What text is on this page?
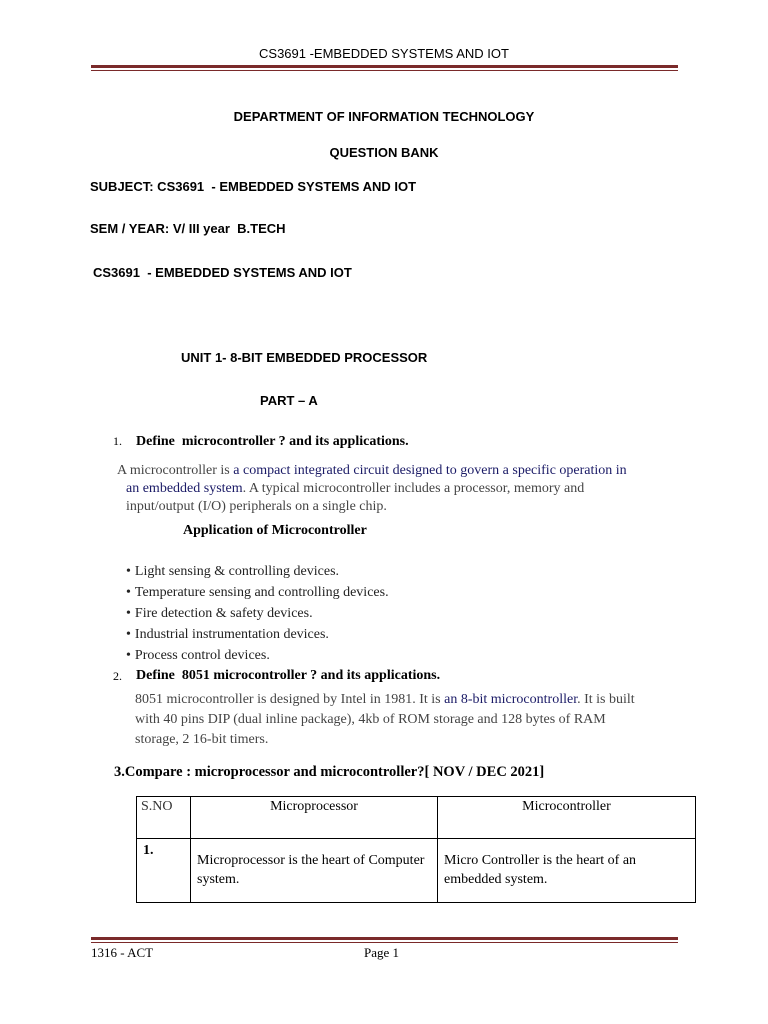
CS3691 -EMBEDDED SYSTEMS AND IOT
DEPARTMENT OF INFORMATION TECHNOLOGY
QUESTION BANK
SUBJECT: CS3691  - EMBEDDED SYSTEMS AND IOT
SEM / YEAR: V/ III year  B.TECH
CS3691  - EMBEDDED SYSTEMS AND IOT
UNIT 1- 8-BIT EMBEDDED PROCESSOR
PART – A
1. Define  microcontroller ? and its applications.
A microcontroller is a compact integrated circuit designed to govern a specific operation in
an embedded system. A typical microcontroller includes a processor, memory and
input/output (I/O) peripherals on a single chip.
Application of Microcontroller
• Light sensing & controlling devices.
• Temperature sensing and controlling devices.
• Fire detection & safety devices.
• Industrial instrumentation devices.
• Process control devices.
2. Define  8051 microcontroller ? and its applications.
8051 microcontroller is designed by Intel in 1981. It is an 8-bit microcontroller. It is built
with 40 pins DIP (dual inline package), 4kb of ROM storage and 128 bytes of RAM
storage, 2 16-bit timers.
3.Compare : microprocessor and microcontroller?[ NOV / DEC 2021]
S.NO	Microprocessor	Microcontroller
1.	Microprocessor is the heart of Computer system.	Micro Controller is the heart of an embedded system.
1316 - ACT	Page 1
